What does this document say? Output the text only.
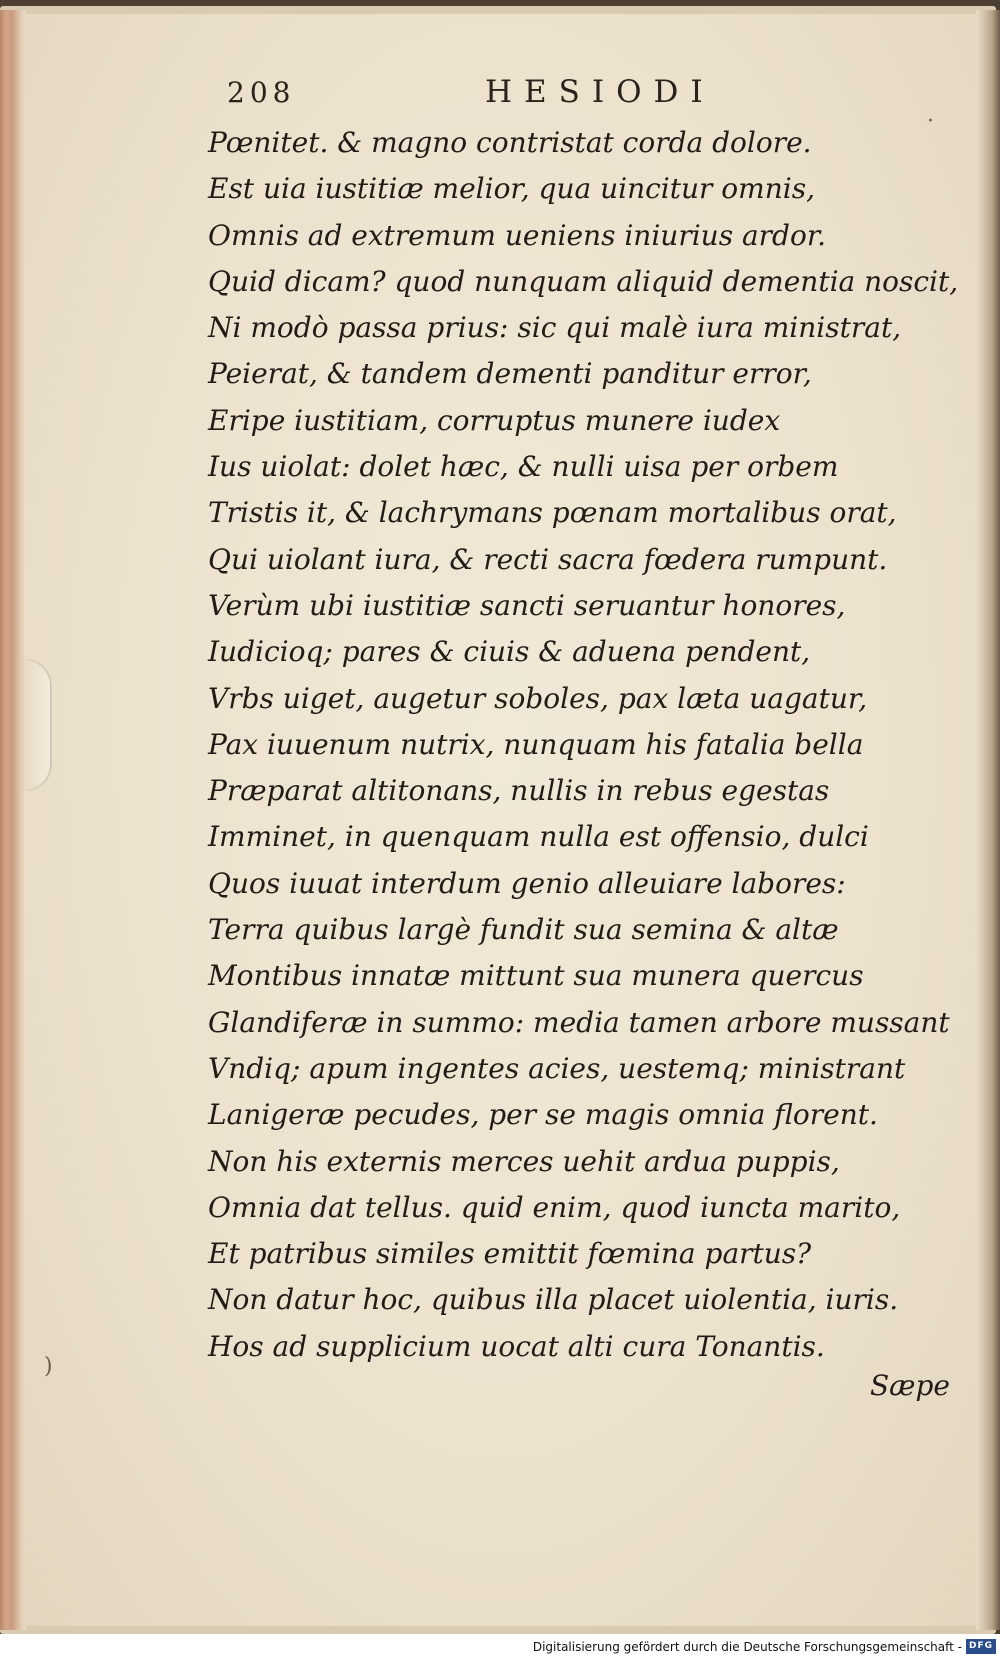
·
)
208	HESIODI
Pœnitet. & magno contristat corda dolore.
Est uia iustitiæ melior, qua uincitur omnis,
Omnis ad extremum ueniens iniurius ardor.
Quid dicam? quod nunquam aliquid dementia noscit,
Ni modò passa prius: sic qui malè iura ministrat,
Peierat, & tandem dementi panditur error,
Eripe iustitiam, corruptus munere iudex
Ius uiolat: dolet hæc, & nulli uisa per orbem
Tristis it, & lachrymans pœnam mortalibus orat,
Qui uiolant iura, & recti sacra fœdera rumpunt.
Verùm ubi iustitiæ sancti seruantur honores,
Iudicioq; pares & ciuis & aduena pendent,
Vrbs uiget, augetur soboles, pax læta uagatur,
Pax iuuenum nutrix, nunquam his fatalia bella
Præparat altitonans, nullis in rebus egestas
Imminet, in quenquam nulla est offensio, dulci
Quos iuuat interdum genio alleuiare labores:
Terra quibus largè fundit sua semina & altæ
Montibus innatæ mittunt sua munera quercus
Glandiferæ in summo: media tamen arbore mussant
Vndiq; apum ingentes acies, uestemq; ministrant
Lanigeræ pecudes, per se magis omnia florent.
Non his externis merces uehit ardua puppis,
Omnia dat tellus. quid enim, quod iuncta marito,
Et patribus similes emittit fœmina partus?
Non datur hoc, quibus illa placet uiolentia, iuris.
Hos ad supplicium uocat alti cura Tonantis.
Sæpe
Digitalisierung gefördert durch die Deutsche Forschungsgemeinschaft - DFG
